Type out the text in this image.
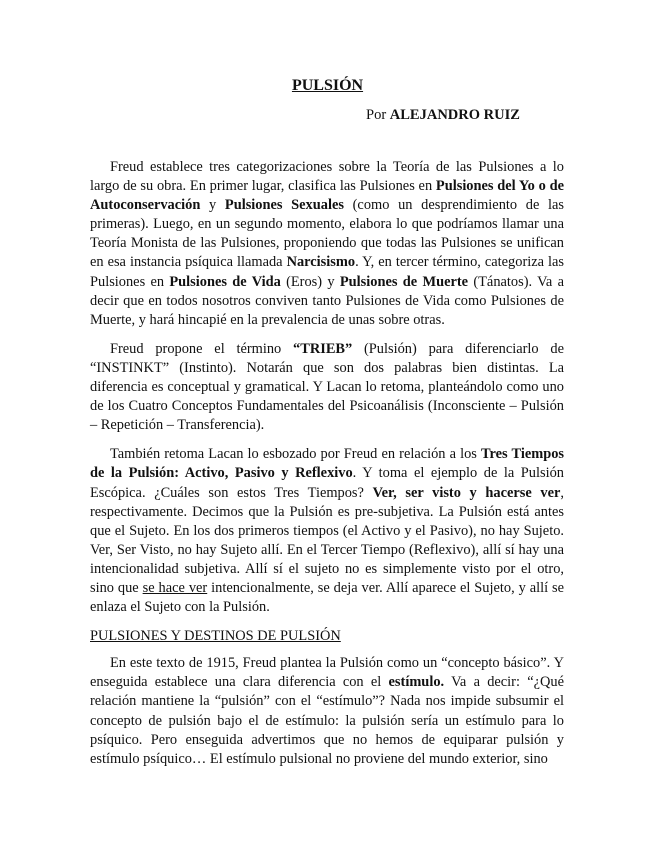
PULSIÓN

Por ALEJANDRO RUIZ

Freud establece tres categorizaciones sobre la Teoría de las Pulsiones a lo largo de su obra. En primer lugar, clasifica las Pulsiones en Pulsiones del Yo o de Autoconservación y Pulsiones Sexuales (como un desprendimiento de las primeras). Luego, en un segundo momento, elabora lo que podríamos llamar una Teoría Monista de las Pulsiones, proponiendo que todas las Pulsiones se unifican en esa instancia psíquica llamada Narcisismo. Y, en tercer término, categoriza las Pulsiones en Pulsiones de Vida (Eros) y Pulsiones de Muerte (Tánatos). Va a decir que en todos nosotros conviven tanto Pulsiones de Vida como Pulsiones de Muerte, y hará hincapié en la prevalencia de unas sobre otras.

Freud propone el término “TRIEB” (Pulsión) para diferenciarlo de “INSTINKT” (Instinto). Notarán que son dos palabras bien distintas. La diferencia es conceptual y gramatical. Y Lacan lo retoma, planteándolo como uno de los Cuatro Conceptos Fundamentales del Psicoanálisis (Inconsciente – Pulsión – Repetición – Transferencia).

También retoma Lacan lo esbozado por Freud en relación a los Tres Tiempos de la Pulsión: Activo, Pasivo y Reflexivo. Y toma el ejemplo de la Pulsión Escópica. ¿Cuáles son estos Tres Tiempos? Ver, ser visto y hacerse ver, respectivamente. Decimos que la Pulsión es pre-subjetiva. La Pulsión está antes que el Sujeto. En los dos primeros tiempos (el Activo y el Pasivo), no hay Sujeto. Ver, Ser Visto, no hay Sujeto allí. En el Tercer Tiempo (Reflexivo), allí sí hay una intencionalidad subjetiva. Allí sí el sujeto no es simplemente visto por el otro, sino que se hace ver intencionalmente, se deja ver. Allí aparece el Sujeto, y allí se enlaza el Sujeto con la Pulsión.

PULSIONES Y DESTINOS DE PULSIÓN

En este texto de 1915, Freud plantea la Pulsión como un “concepto básico”. Y enseguida establece una clara diferencia con el estímulo. Va a decir: “¿Qué relación mantiene la “pulsión” con el “estímulo”? Nada nos impide subsumir el concepto de pulsión bajo el de estímulo: la pulsión sería un estímulo para lo psíquico. Pero enseguida advertimos que no hemos de equiparar pulsión y estímulo psíquico… El estímulo pulsional no proviene del mundo exterior, sino
